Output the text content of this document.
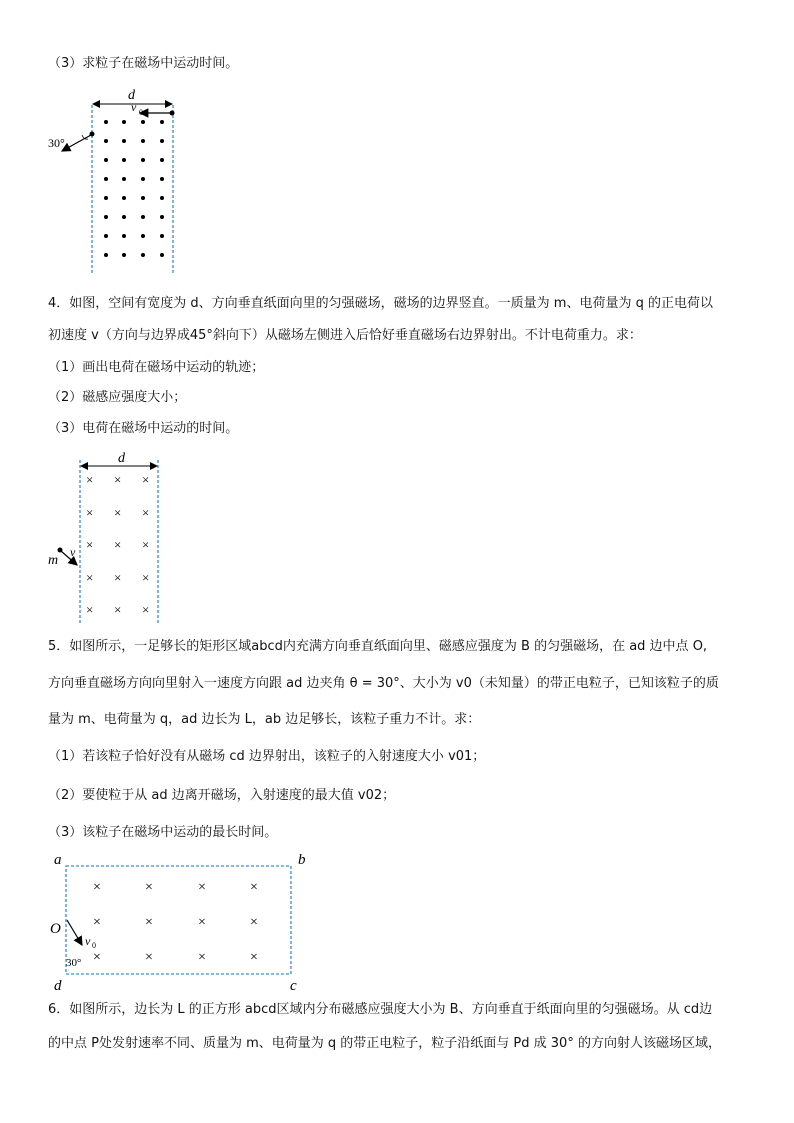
（3）求粒子在磁场中运动时间。
d
v 0
30°
4．如图，空间有宽度为 d、方向垂直纸面向里的匀强磁场，磁场的边界竖直。一质量为 m、电荷量为 q 的正电荷以
初速度 v（方向与边界成45°斜向下）从磁场左侧进入后恰好垂直磁场右边界射出。不计电荷重力。求：
（1）画出电荷在磁场中运动的轨迹；
（2）磁感应强度大小；
（3）电荷在磁场中运动的时间。
d
× × ×
× × ×
× × ×
× × ×
× × ×
m
v
5．如图所示，一足够长的矩形区域abcd内充满方向垂直纸面向里、磁感应强度为 B 的匀强磁场，在 ad 边中点 O,
方向垂直磁场方向向里射入一速度方向跟 ad 边夹角 θ = 30°、大小为 v0（未知量）的带正电粒子，已知该粒子的质
量为 m、电荷量为 q，ad 边长为 L，ab 边足够长，该粒子重力不计。求：
（1）若该粒子恰好没有从磁场 cd 边界射出，该粒子的入射速度大小 v01；
（2）要使粒于从 ad 边离开磁场，入射速度的最大值 v02；
（3）该粒子在磁场中运动的最长时间。
a	b
d	c
O
×	×	×	×
×	×	×	×
×	×	×	×
v 0
30°
6．如图所示，边长为 L 的正方形 abcd区域内分布磁感应强度大小为 B、方向垂直于纸面向里的匀强磁场。从 cd边
的中点 P处发射速率不同、质量为 m、电荷量为 q 的带正电粒子，粒子沿纸面与 Pd 成 30° 的方向射人该磁场区域，
